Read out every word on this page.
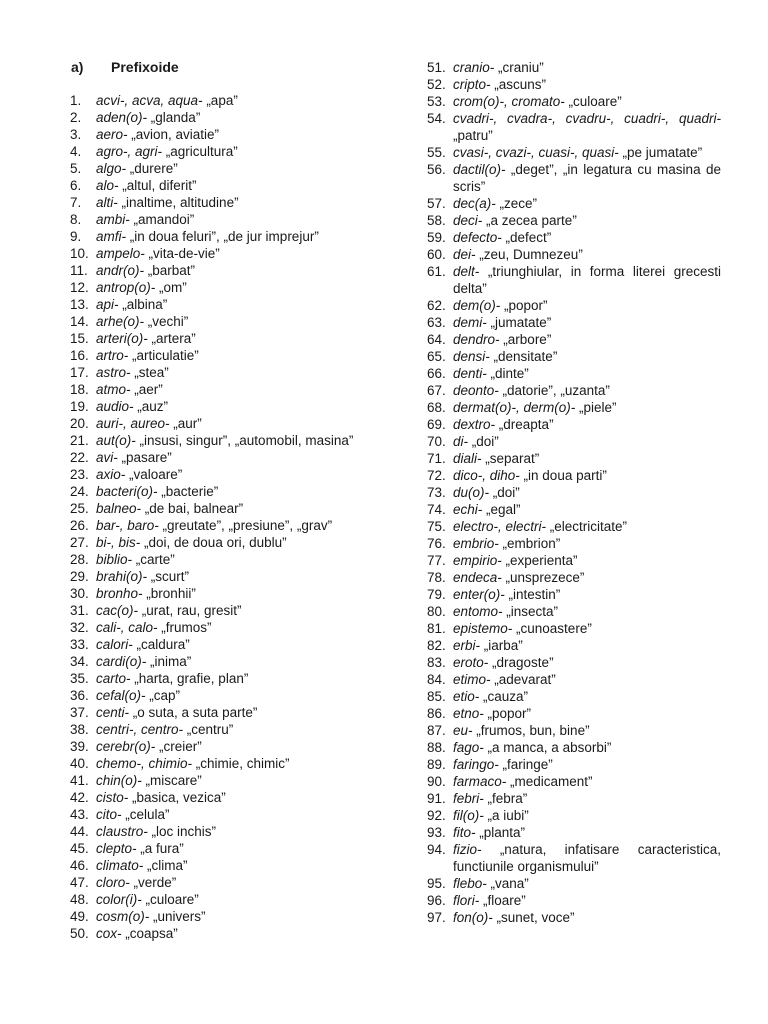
a) Prefixoide
1. acvi-, acva, aqua- „apa”
2. aden(o)- „glanda”
3. aero- „avion, aviatie”
4. agro-, agri- „agricultura”
5. algo- „durere”
6. alo- „altul, diferit”
7. alti- „inaltime, altitudine”
8. ambi- „amandoi”
9. amfi- „in doua feluri”, „de jur imprejur”
10. ampelo- „vita-de-vie”
11. andr(o)- „barbat”
12. antrop(o)- „om”
13. api- „albina”
14. arhe(o)- „vechi”
15. arteri(o)- „artera”
16. artro- „articulatie”
17. astro- „stea”
18. atmo- „aer”
19. audio- „auz”
20. auri-, aureo- „aur”
21. aut(o)- „insusi, singur”, „automobil, masina”
22. avi- „pasare”
23. axio- „valoare”
24. bacteri(o)- „bacterie”
25. balneo- „de bai, balnear”
26. bar-, baro- „greutate”, „presiune”, „grav”
27. bi-, bis- „doi, de doua ori, dublu”
28. biblio- „carte”
29. brahi(o)- „scurt”
30. bronho- „bronhii”
31. cac(o)- „urat, rau, gresit”
32. cali-, calo- „frumos”
33. calori- „caldura”
34. cardi(o)- „inima”
35. carto- „harta, grafie, plan”
36. cefal(o)- „cap”
37. centi- „o suta, a suta parte”
38. centri-, centro- „centru”
39. cerebr(o)- „creier”
40. chemo-, chimio- „chimie, chimic”
41. chin(o)- „miscare”
42. cisto- „basica, vezica”
43. cito- „celula”
44. claustro- „loc inchis”
45. clepto- „a fura”
46. climato- „clima”
47. cloro- „verde”
48. color(i)- „culoare”
49. cosm(o)- „univers”
50. cox- „coapsa”
51. cranio- „craniu”
52. cripto- „ascuns”
53. crom(o)-, cromato- „culoare”
54. cvadri-, cvadra-, cvadru-, cuadri-, quadri- „patru”
55. cvasi-, cvazi-, cuasi-, quasi- „pe jumatate”
56. dactil(o)- „deget”, „in legatura cu masina de scris”
57. dec(a)- „zece”
58. deci- „a zecea parte”
59. defecto- „defect”
60. dei- „zeu, Dumnezeu”
61. delt- „triunghiular, in forma literei grecesti delta”
62. dem(o)- „popor”
63. demi- „jumatate”
64. dendro- „arbore”
65. densi- „densitate”
66. denti- „dinte”
67. deonto- „datorie”, „uzanta”
68. dermat(o)-, derm(o)- „piele”
69. dextro- „dreapta”
70. di- „doi”
71. diali- „separat”
72. dico-, diho- „in doua parti”
73. du(o)- „doi”
74. echi- „egal”
75. electro-, electri- „electricitate”
76. embrio- „embrion”
77. empirio- „experienta”
78. endeca- „unsprezece”
79. enter(o)- „intestin”
80. entomo- „insecta”
81. epistemo- „cunoastere”
82. erbi- „iarba”
83. eroto- „dragoste”
84. etimo- „adevarat”
85. etio- „cauza”
86. etno- „popor”
87. eu- „frumos, bun, bine”
88. fago- „a manca, a absorbi”
89. faringo- „faringe”
90. farmaco- „medicament”
91. febri- „febra”
92. fil(o)- „a iubi”
93. fito- „planta”
94. fizio- „natura, infatisare caracteristica, functiunile organismului”
95. flebo- „vana”
96. flori- „floare”
97. fon(o)- „sunet, voce”
